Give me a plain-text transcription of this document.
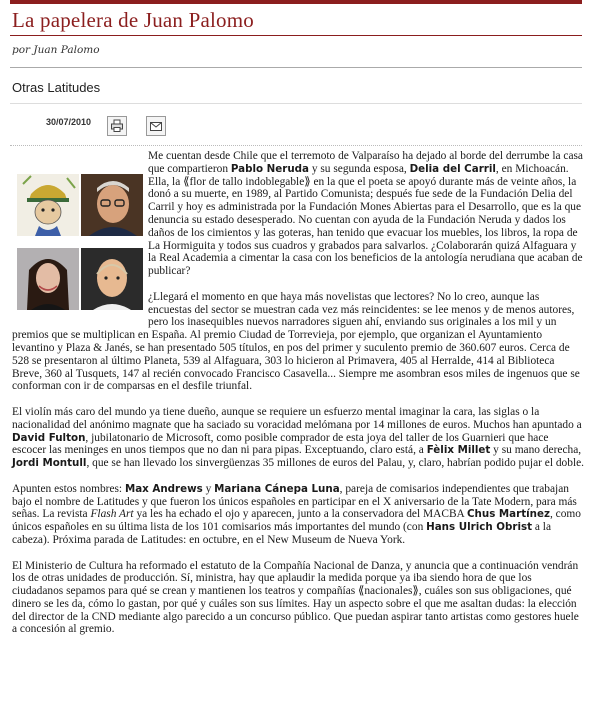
La papelera de Juan Palomo
por Juan Palomo
Otras Latitudes
30/07/2010

Me cuentan desde Chile que el terremoto de Valparaíso ha dejado al borde del derrumbe la casa que compartieron Pablo Neruda y su segunda esposa, Delia del Carril, en Michoacán. Ella, la ⟪flor de tallo indoblegable⟫ en la que el poeta se apoyó durante más de veinte años, la donó a su muerte, en 1989, al Partido Comunista; después fue sede de la Fundación Delia del Carril y hoy es administrada por la Fundación Mones Abiertas para el Desarrollo, que es la que denuncia su estado desesperado. No cuentan con ayuda de la Fundación Neruda y dados los daños de los cimientos y las goteras, han tenido que evacuar los muebles, los libros, la ropa de La Hormiguita y todos sus cuadros y grabados para salvarlos. ¿Colaborarán quizá Alfaguara y la Real Academia a cimentar la casa con los beneficios de la antología nerudiana que acaban de publicar?

¿Llegará el momento en que haya más novelistas que lectores? No lo creo, aunque las encuestas del sector se muestran cada vez más reincidentes: se lee menos y de menos autores, pero los inasequibles nuevos narradores siguen ahí, enviando sus originales a los mil y un premios que se multiplican en España. Al premio Ciudad de Torrevieja, por ejemplo, que organizan el Ayuntamiento levantino y Plaza & Janés, se han presentado 505 títulos, en pos del primer y suculento premio de 360.607 euros. Cerca de 528 se presentaron al último Planeta, 539 al Alfaguara, 303 lo hicieron al Primavera, 405 al Herralde, 414 al Biblioteca Breve, 360 al Tusquets, 147 al recién convocado Francisco Casavella... Siempre me asombran esos miles de ingenuos que se conforman con ir de comparsas en el desfile triunfal.

El violín más caro del mundo ya tiene dueño, aunque se requiere un esfuerzo mental imaginar la cara, las siglas o la nacionalidad del anónimo magnate que ha saciado su voracidad melómana por 14 millones de euros. Muchos han apuntado a David Fulton, jubilatonario de Microsoft, como posible comprador de esta joya del taller de los Guarnieri que hace escocer las meninges en unos tiempos que no dan ni para pipas. Exceptuando, claro está, a Fèlix Millet y su mano derecha, Jordi Montull, que se han llevado los sinvergüenzas 35 millones de euros del Palau, y, claro, habrían podido pujar el doble.

Apunten estos nombres: Max Andrews y Mariana Cánepa Luna, pareja de comisarios independientes que trabajan bajo el nombre de Latitudes y que fueron los únicos españoles en participar en el X aniversario de la Tate Modern, para más señas. La revista Flash Art ya les ha echado el ojo y aparecen, junto a la conservadora del MACBA Chus Martínez, como únicos españoles en su última lista de los 101 comisarios más importantes del mundo (con Hans Ulrich Obrist a la cabeza). Próxima parada de Latitudes: en octubre, en el New Museum de Nueva York.

El Ministerio de Cultura ha reformado el estatuto de la Compañía Nacional de Danza, y anuncia que a continuación vendrán los de otras unidades de producción. Sí, ministra, hay que aplaudir la medida porque ya iba siendo hora de que los ciudadanos sepamos para qué se crean y mantienen los teatros y compañías ⟪nacionales⟫, cuáles son sus obligaciones, qué dinero se les da, cómo lo gastan, por qué y cuáles son sus límites. Hay un aspecto sobre el que me asaltan dudas: la elección del director de la CND mediante algo parecido a un concurso público. Que puedan aspirar tanto artistas como gestores huele a concesión al gremio.
